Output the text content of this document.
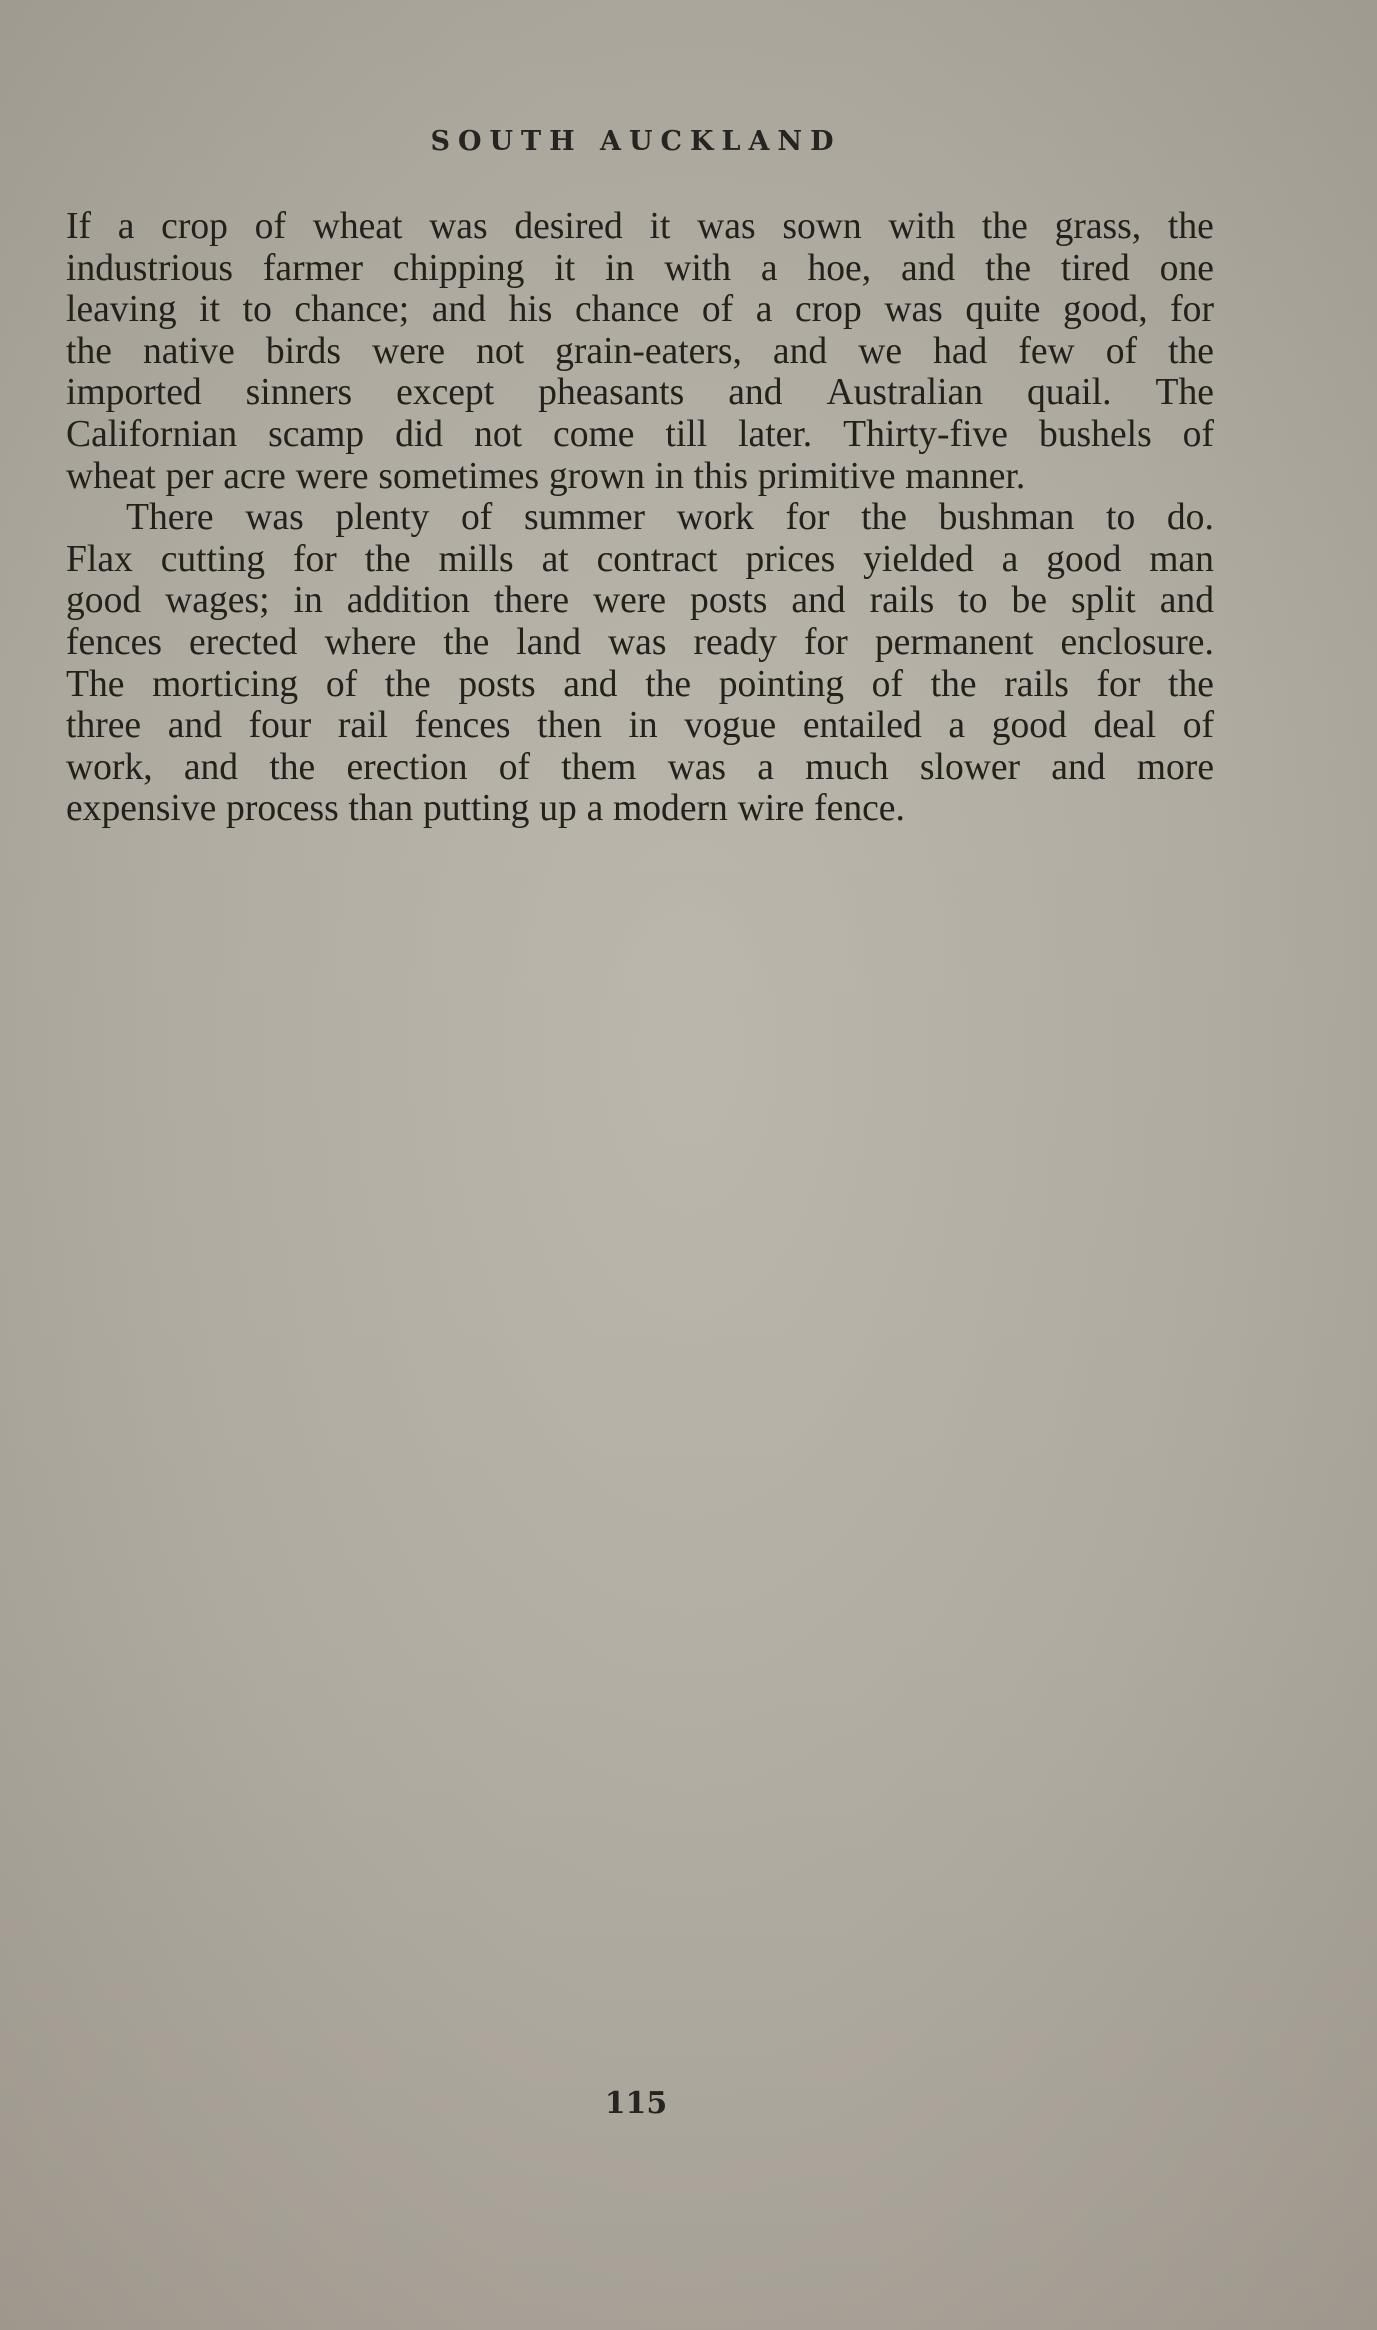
SOUTH AUCKLAND
If a crop of wheat was desired it was sown with the grass, the
industrious farmer chipping it in with a hoe, and the tired one
leaving it to chance; and his chance of a crop was quite good, for
the native birds were not grain-eaters, and we had few of the
imported sinners except pheasants and Australian quail. The
Californian scamp did not come till later. Thirty-five bushels of
wheat per acre were sometimes grown in this primitive manner.
There was plenty of summer work for the bushman to do.
Flax cutting for the mills at contract prices yielded a good man
good wages; in addition there were posts and rails to be split and
fences erected where the land was ready for permanent enclosure.
The morticing of the posts and the pointing of the rails for the
three and four rail fences then in vogue entailed a good deal of
work, and the erection of them was a much slower and more
expensive process than putting up a modern wire fence.
115
